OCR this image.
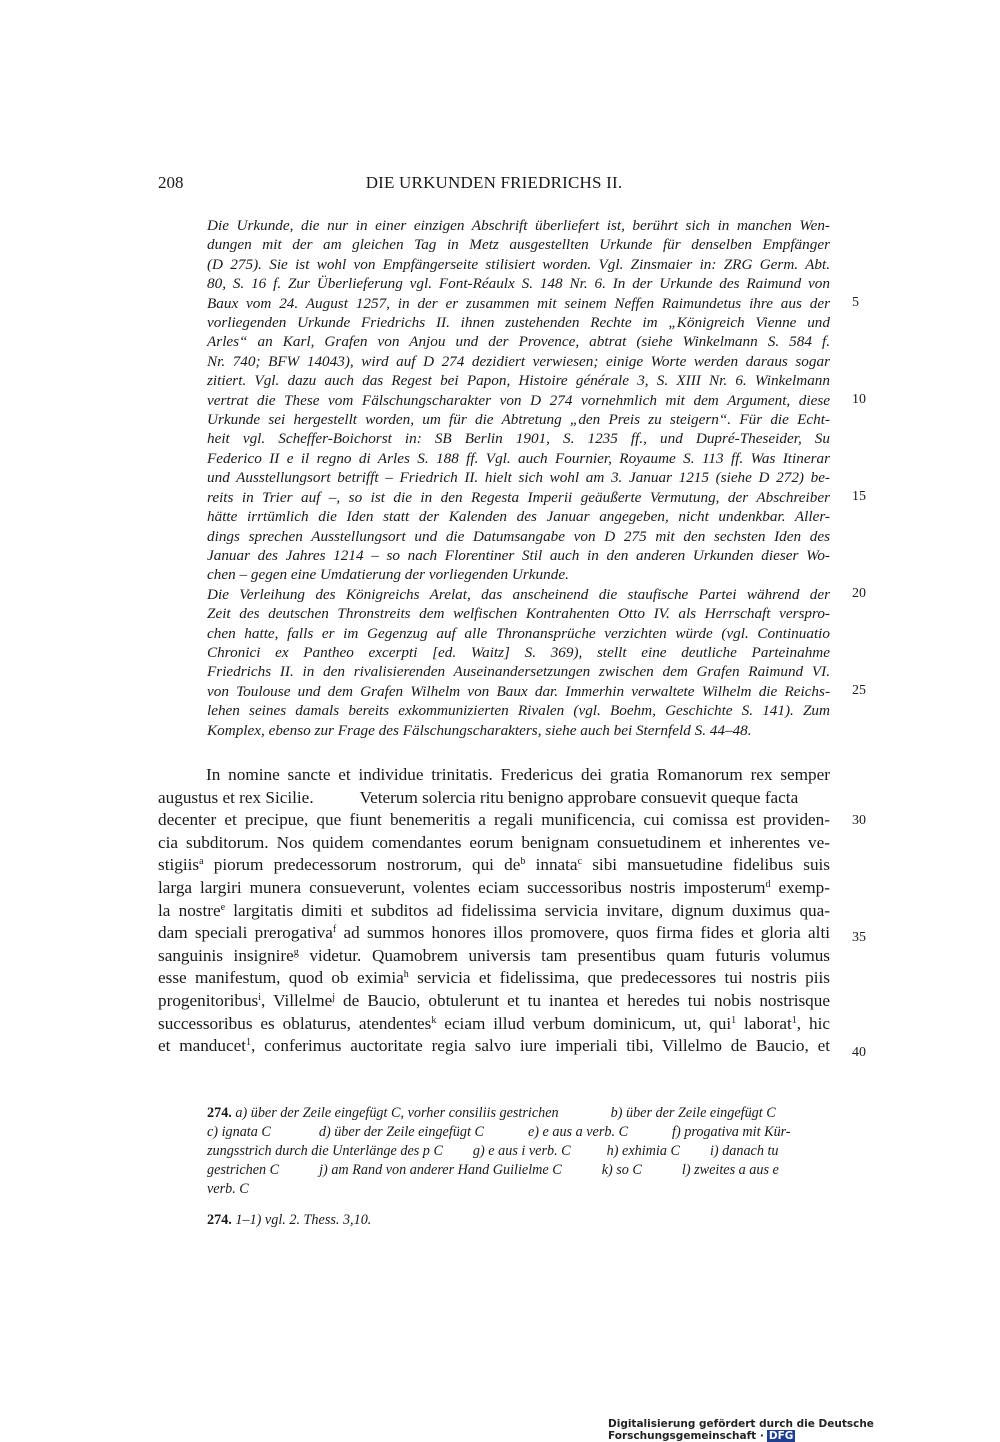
208	DIE URKUNDEN FRIEDRICHS II.
Die Urkunde, die nur in einer einzigen Abschrift überliefert ist, berührt sich in manchen Wen-
dungen mit der am gleichen Tag in Metz ausgestellten Urkunde für denselben Empfänger
(D 275). Sie ist wohl von Empfängerseite stilisiert worden. Vgl. Zinsmaier in: ZRG Germ. Abt.
80, S. 16 f. Zur Überlieferung vgl. Font-Réaulx S. 148 Nr. 6. In der Urkunde des Raimund von
Baux vom 24. August 1257, in der er zusammen mit seinem Neffen Raimundetus ihre aus der
vorliegenden Urkunde Friedrichs II. ihnen zustehenden Rechte im „Königreich Vienne und
Arles“ an Karl, Grafen von Anjou und der Provence, abtrat (siehe Winkelmann S. 584 f.
Nr. 740; BFW 14043), wird auf D 274 dezidiert verwiesen; einige Worte werden daraus sogar
zitiert. Vgl. dazu auch das Regest bei Papon, Histoire générale 3, S. XIII Nr. 6. Winkelmann
vertrat die These vom Fälschungscharakter von D 274 vornehmlich mit dem Argument, diese
Urkunde sei hergestellt worden, um für die Abtretung „den Preis zu steigern“. Für die Echt-
heit vgl. Scheffer-Boichorst in: SB Berlin 1901, S. 1235 ff., und Dupré-Theseider, Su
Federico II e il regno di Arles S. 188 ff. Vgl. auch Fournier, Royaume S. 113 ff. Was Itinerar
und Ausstellungsort betrifft – Friedrich II. hielt sich wohl am 3. Januar 1215 (siehe D 272) be-
reits in Trier auf –, so ist die in den Regesta Imperii geäußerte Vermutung, der Abschreiber
hätte irrtümlich die Iden statt der Kalenden des Januar angegeben, nicht undenkbar. Aller-
dings sprechen Ausstellungsort und die Datumsangabe von D 275 mit den sechsten Iden des
Januar des Jahres 1214 – so nach Florentiner Stil auch in den anderen Urkunden dieser Wo-
chen – gegen eine Umdatierung der vorliegenden Urkunde.
Die Verleihung des Königreichs Arelat, das anscheinend die staufische Partei während der
Zeit des deutschen Thronstreits dem welfischen Kontrahenten Otto IV. als Herrschaft verspro-
chen hatte, falls er im Gegenzug auf alle Thronansprüche verzichten würde (vgl. Continuatio
Chronici ex Pantheo excerpti [ed. Waitz] S. 369), stellt eine deutliche Parteinahme
Friedrichs II. in den rivalisierenden Auseinandersetzungen zwischen dem Grafen Raimund VI.
von Toulouse und dem Grafen Wilhelm von Baux dar. Immerhin verwaltete Wilhelm die Reichs-
lehen seines damals bereits exkommunizierten Rivalen (vgl. Boehm, Geschichte S. 141). Zum
Komplex, ebenso zur Frage des Fälschungscharakters, siehe auch bei Sternfeld S. 44–48.
In nomine sancte et individue trinitatis. Fredericus dei gratia Romanorum rex semper
augustus et rex Sicilie.	Veterum solercia ritu benigno approbare consuevit queque facta
decenter et precipue, que fiunt benemeritis a regali munificencia, cui comissa est providen-
cia subditorum. Nos quidem comendantes eorum benignam consuetudinem et inherentes ve-
stigiis$^a$ piorum predecessorum nostrorum, qui $de^b$ innata$^c$ sibi mansuetudine fidelibus suis
larga largiri munera consueverunt, volentes eciam successoribus nostris imposterum$^d$ exemp-
la nostre$^e$ largitatis dimiti et subditos ad fidelissima servicia invitare, dignum duximus qua-
dam speciali prerogativa$^f$ ad summos honores illos promovere, quos firma fides et gloria alti
sanguinis insignire$^g$ videtur. Quamobrem universis tam presentibus quam futuris volumus
esse manifestum, quod ob eximia$^h$ servicia et fidelissima, que predecessores tui nostris piis
progenitoribus$^i$, Villelme$^j$ de Baucio, obtulerunt et tu inantea et heredes tui nobis nostrisque
successoribus es oblaturus, atendentes$^k$ eciam illud verbum dominicum, ut, qui$^1$ laborat$^1$, hic
et manducet$^1$, conferimus auctoritate regia salvo iure imperiali tibi, Villelmo de Baucio, et
5
10
15
20
25
30
35
40
274. a) über der Zeile eingefügt C, vorher consiliis gestrichen	b) über der Zeile eingefügt C
c) ignata C	d) über der Zeile eingefügt C	e) e aus a verb. C	f) progativa mit Kür-
zungsstrich durch die Unterlänge des p C g) e aus i verb. C	h) exhimia C i) danach tu
gestrichen C	j) am Rand von anderer Hand Guilielme C	k) so C	l) zweites a aus e
verb. C
274. 1–1) vgl. 2. Thess. 3,10.
Digitalisierung gefördert durch die Deutsche Forschungsgemeinschaft · DFG
